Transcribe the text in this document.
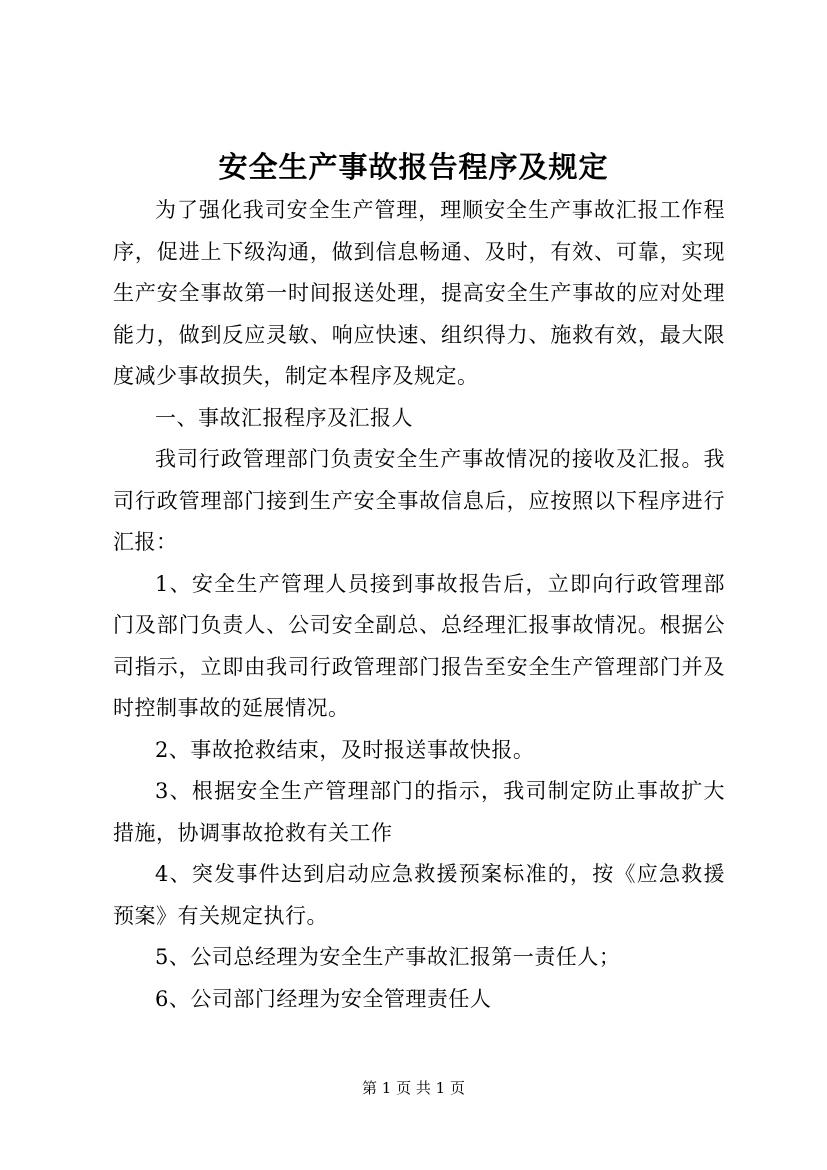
安全生产事故报告程序及规定

为了强化我司安全生产管理，理顺安全生产事故汇报工作程序，促进上下级沟通，做到信息畅通、及时，有效、可靠，实现生产安全事故第一时间报送处理，提高安全生产事故的应对处理能力，做到反应灵敏、响应快速、组织得力、施救有效，最大限度减少事故损失，制定本程序及规定。

一、事故汇报程序及汇报人

我司行政管理部门负责安全生产事故情况的接收及汇报。我司行政管理部门接到生产安全事故信息后，应按照以下程序进行汇报：

1、安全生产管理人员接到事故报告后，立即向行政管理部门及部门负责人、公司安全副总、总经理汇报事故情况。根据公司指示，立即由我司行政管理部门报告至安全生产管理部门并及时控制事故的延展情况。

2、事故抢救结束，及时报送事故快报。

3、根据安全生产管理部门的指示，我司制定防止事故扩大措施，协调事故抢救有关工作

4、突发事件达到启动应急救援预案标准的，按《应急救援预案》有关规定执行。

5、公司总经理为安全生产事故汇报第一责任人；

6、公司部门经理为安全管理责任人

第 1 页 共 1 页
